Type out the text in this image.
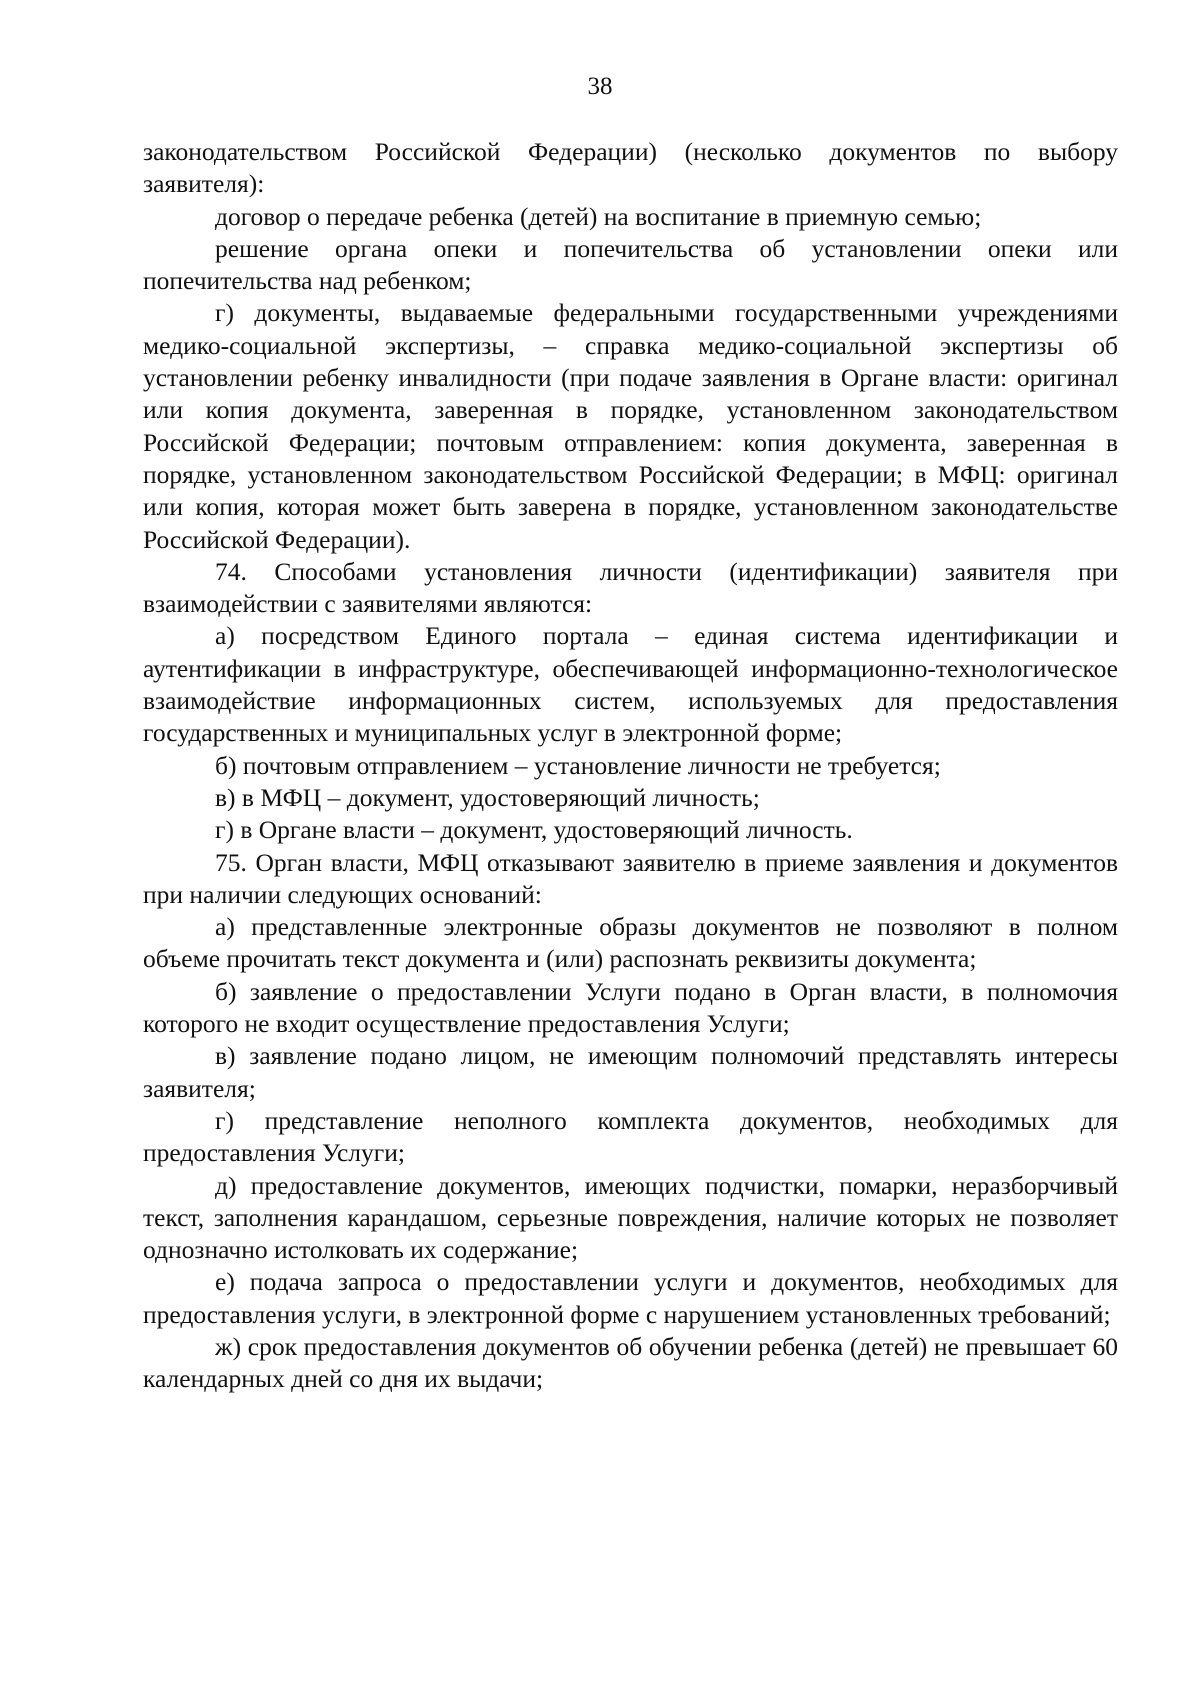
38

законодательством Российской Федерации) (несколько документов по выбору заявителя):

договор о передаче ребенка (детей) на воспитание в приемную семью;

решение органа опеки и попечительства об установлении опеки или попечительства над ребенком;

г) документы, выдаваемые федеральными государственными учреждениями медико-социальной экспертизы, – справка медико-социальной экспертизы об установлении ребенку инвалидности (при подаче заявления в Органе власти: оригинал или копия документа, заверенная в порядке, установленном законодательством Российской Федерации; почтовым отправлением: копия документа, заверенная в порядке, установленном законодательством Российской Федерации; в МФЦ: оригинал или копия, которая может быть заверена в порядке, установленном законодательстве Российской Федерации).

74. Способами установления личности (идентификации) заявителя при взаимодействии с заявителями являются:

а) посредством Единого портала – единая система идентификации и аутентификации в инфраструктуре, обеспечивающей информационно-технологическое взаимодействие информационных систем, используемых для предоставления государственных и муниципальных услуг в электронной форме;

б) почтовым отправлением – установление личности не требуется;

в) в МФЦ – документ, удостоверяющий личность;

г) в Органе власти – документ, удостоверяющий личность.

75. Орган власти, МФЦ отказывают заявителю в приеме заявления и документов при наличии следующих оснований:

а) представленные электронные образы документов не позволяют в полном объеме прочитать текст документа и (или) распознать реквизиты документа;

б) заявление о предоставлении Услуги подано в Орган власти, в полномочия которого не входит осуществление предоставления Услуги;

в) заявление подано лицом, не имеющим полномочий представлять интересы заявителя;

г) представление неполного комплекта документов, необходимых для предоставления Услуги;

д) предоставление документов, имеющих подчистки, помарки, неразборчивый текст, заполнения карандашом, серьезные повреждения, наличие которых не позволяет однозначно истолковать их содержание;

е) подача запроса о предоставлении услуги и документов, необходимых для предоставления услуги, в электронной форме с нарушением установленных требований;

ж) срок предоставления документов об обучении ребенка (детей) не превышает 60 календарных дней со дня их выдачи;
